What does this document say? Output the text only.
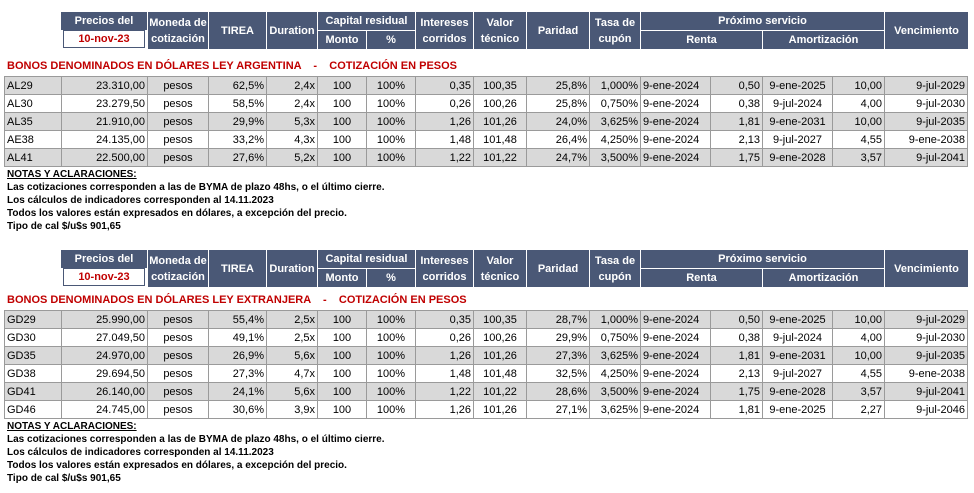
Precios del
10-nov-23
Moneda de cotización
TIREA	Duration
Capital residual
Monto	%
Intereses corridos
Valor técnico
Paridad
Tasa de cupón
Próximo servicio
Renta	Amortización
Vencimiento
BONOS DENOMINADOS EN DÓLARES LEY ARGENTINA    -    COTIZACIÓN EN PESOS
AL29	23.310,00	pesos	62,5%	2,4x	100	100%	0,35	100,35	25,8%	1,000%	9-ene-2024	0,50	9-ene-2025	10,00	9-jul-2029
AL30	23.279,50	pesos	58,5%	2,4x	100	100%	0,26	100,26	25,8%	0,750%	9-ene-2024	0,38	9-jul-2024	4,00	9-jul-2030
AL35	21.910,00	pesos	29,9%	5,3x	100	100%	1,26	101,26	24,0%	3,625%	9-ene-2024	1,81	9-ene-2031	10,00	9-jul-2035
AE38	24.135,00	pesos	33,2%	4,3x	100	100%	1,48	101,48	26,4%	4,250%	9-ene-2024	2,13	9-jul-2027	4,55	9-ene-2038
AL41	22.500,00	pesos	27,6%	5,2x	100	100%	1,22	101,22	24,7%	3,500%	9-ene-2024	1,75	9-ene-2028	3,57	9-jul-2041
NOTAS Y ACLARACIONES:
Las cotizaciones corresponden a las de BYMA de plazo 48hs, o el último cierre.
Los cálculos de indicadores corresponden al 14.11.2023
Todos los valores están expresados en dólares, a excepción del precio.
Tipo de cal $/u$s 901,65
Precios del
10-nov-23
Moneda de cotización
TIREA	Duration
Capital residual
Monto	%
Intereses corridos
Valor técnico
Paridad
Tasa de cupón
Próximo servicio
Renta	Amortización
Vencimiento
BONOS DENOMINADOS EN DÓLARES LEY EXTRANJERA    -    COTIZACIÓN EN PESOS
GD29	25.990,00	pesos	55,4%	2,5x	100	100%	0,35	100,35	28,7%	1,000%	9-ene-2024	0,50	9-ene-2025	10,00	9-jul-2029
GD30	27.049,50	pesos	49,1%	2,5x	100	100%	0,26	100,26	29,9%	0,750%	9-ene-2024	0,38	9-jul-2024	4,00	9-jul-2030
GD35	24.970,00	pesos	26,9%	5,6x	100	100%	1,26	101,26	27,3%	3,625%	9-ene-2024	1,81	9-ene-2031	10,00	9-jul-2035
GD38	29.694,50	pesos	27,3%	4,7x	100	100%	1,48	101,48	32,5%	4,250%	9-ene-2024	2,13	9-jul-2027	4,55	9-ene-2038
GD41	26.140,00	pesos	24,1%	5,6x	100	100%	1,22	101,22	28,6%	3,500%	9-ene-2024	1,75	9-ene-2028	3,57	9-jul-2041
GD46	24.745,00	pesos	30,6%	3,9x	100	100%	1,26	101,26	27,1%	3,625%	9-ene-2024	1,81	9-ene-2025	2,27	9-jul-2046
NOTAS Y ACLARACIONES:
Las cotizaciones corresponden a las de BYMA de plazo 48hs, o el último cierre.
Los cálculos de indicadores corresponden al 14.11.2023
Todos los valores están expresados en dólares, a excepción del precio.
Tipo de cal $/u$s 901,65
